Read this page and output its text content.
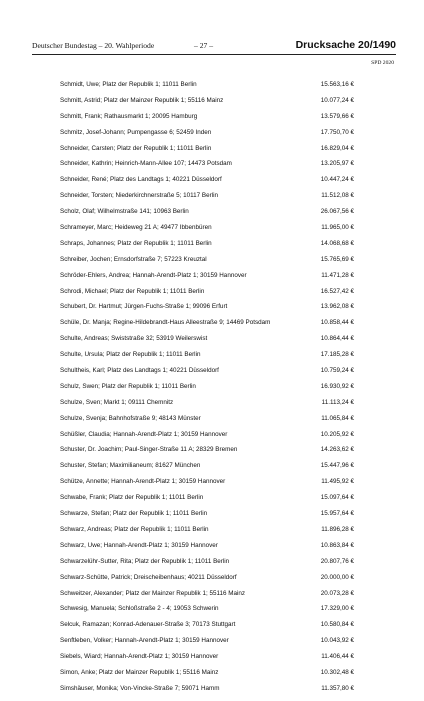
Deutscher Bundestag – 20. Wahlperiode	– 27 –	Drucksache 20/1490
SPD 2020
Schmidt, Uwe; Platz der Republik 1; 11011 Berlin	15.563,16 €
Schmitt, Astrid; Platz der Mainzer Republik 1; 55116 Mainz	10.077,24 €
Schmitt, Frank; Rathausmarkt 1; 20095 Hamburg	13.579,66 €
Schmitz, Josef-Johann; Pumpengasse 6; 52459 Inden	17.750,70 €
Schneider, Carsten; Platz der Republik 1; 11011 Berlin	16.829,04 €
Schneider, Kathrin; Heinrich-Mann-Allee 107; 14473 Potsdam	13.205,97 €
Schneider, René; Platz des Landtags 1; 40221 Düsseldorf	10.447,24 €
Schneider, Torsten; Niederkirchnerstraße 5; 10117 Berlin	11.512,08 €
Scholz, Olaf; Wilhelmstraße 141; 10963 Berlin	26.067,56 €
Schrameyer, Marc; Heideweg 21 A; 49477 Ibbenbüren	11.965,00 €
Schraps, Johannes; Platz der Republik 1; 11011 Berlin	14.068,68 €
Schreiber, Jochen; Ernsdorfstraße 7; 57223 Kreuztal	15.765,69 €
Schröder-Ehlers, Andrea; Hannah-Arendt-Platz 1; 30159 Hannover	11.471,28 €
Schrodi, Michael; Platz der Republik 1; 11011 Berlin	16.527,42 €
Schubert, Dr. Hartmut; Jürgen-Fuchs-Straße 1; 99096 Erfurt	13.962,08 €
Schüle, Dr. Manja; Regine-Hildebrandt-Haus Alleestraße 9; 14469 Potsdam	10.858,44 €
Schulte, Andreas; Swiststraße 32; 53919 Weilerswist	10.864,44 €
Schulte, Ursula; Platz der Republik 1; 11011 Berlin	17.185,28 €
Schultheis, Karl; Platz des Landtags 1; 40221 Düsseldorf	10.759,24 €
Schulz, Swen; Platz der Republik 1; 11011 Berlin	16.930,92 €
Schulze, Sven; Markt 1; 09111 Chemnitz	11.113,24 €
Schulze, Svenja; Bahnhofstraße 9; 48143 Münster	11.065,84 €
Schüßler, Claudia; Hannah-Arendt-Platz 1; 30159 Hannover	10.205,92 €
Schuster, Dr. Joachim; Paul-Singer-Straße 11 A; 28329 Bremen	14.263,62 €
Schuster, Stefan; Maximilianeum; 81627 München	15.447,96 €
Schütze, Annette; Hannah-Arendt-Platz 1; 30159 Hannover	11.495,92 €
Schwabe, Frank; Platz der Republik 1; 11011 Berlin	15.097,64 €
Schwarze, Stefan; Platz der Republik 1; 11011 Berlin	15.957,64 €
Schwarz, Andreas; Platz der Republik 1; 11011 Berlin	11.896,28 €
Schwarz, Uwe; Hannah-Arendt-Platz 1; 30159 Hannover	10.863,84 €
Schwarzelühr-Sutter, Rita; Platz der Republik 1; 11011 Berlin	20.807,76 €
Schwarz-Schütte, Patrick; Dreischeibenhaus; 40211 Düsseldorf	20.000,00 €
Schweitzer, Alexander; Platz der Mainzer Republik 1; 55116 Mainz	20.073,28 €
Schwesig, Manuela; Schloßstraße 2 - 4; 19053 Schwerin	17.329,00 €
Selcuk, Ramazan; Konrad-Adenauer-Straße 3; 70173 Stuttgart	10.580,84 €
Senftleben, Volker; Hannah-Arendt-Platz 1; 30159 Hannover	10.043,92 €
Siebels, Wiard; Hannah-Arendt-Platz 1; 30159 Hannover	11.406,44 €
Simon, Anke; Platz der Mainzer Republik 1; 55116 Mainz	10.302,48 €
Simshäuser, Monika; Von-Vincke-Straße 7; 59071 Hamm	11.357,80 €
